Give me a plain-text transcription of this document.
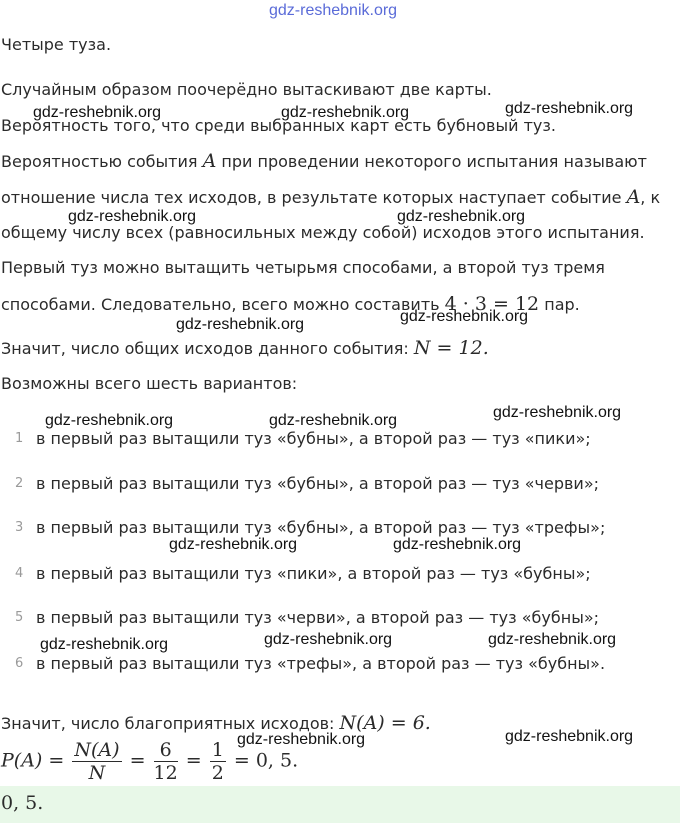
gdz-reshebnik.org
Четыре туза.
Случайным образом поочерёдно вытаскивают две карты.
Вероятность того, что среди выбранных карт есть бубновый туз.
Вероятностью события A при проведении некоторого испытания называют
отношение числа тех исходов, в результате которых наступает событие A, к
общему числу всех (равносильных между собой) исходов этого испытания.
Первый туз можно вытащить четырьмя способами, а второй туз тремя
способами. Следовательно, всего можно составить 4 · 3 = 12 пар.
Значит, число общих исходов данного события: N = 12.
Возможны всего шесть вариантов:
1 в первый раз вытащили туз «бубны», а второй раз — туз «пики»;
2 в первый раз вытащили туз «бубны», а второй раз — туз «черви»;
3 в первый раз вытащили туз «бубны», а второй раз — туз «трефы»;
4 в первый раз вытащили туз «пики», а второй раз — туз «бубны»;
5 в первый раз вытащили туз «черви», а второй раз — туз «бубны»;
6 в первый раз вытащили туз «трефы», а второй раз — туз «бубны».
Значит, число благоприятных исходов: N(A) = 6.
$P(A) = \frac{N(A)}{N} = \frac{6}{12} = \frac{1}{2} = 0$, 5.
0, 5.
gdz-reshebnik.org	gdz-reshebnik.org	gdz-reshebnik.org
gdz-reshebnik.org	gdz-reshebnik.org
gdz-reshebnik.org	gdz-reshebnik.org
gdz-reshebnik.org	gdz-reshebnik.org	gdz-reshebnik.org
gdz-reshebnik.org	gdz-reshebnik.org
gdz-reshebnik.org	gdz-reshebnik.org	gdz-reshebnik.org
gdz-reshebnik.org	gdz-reshebnik.org
